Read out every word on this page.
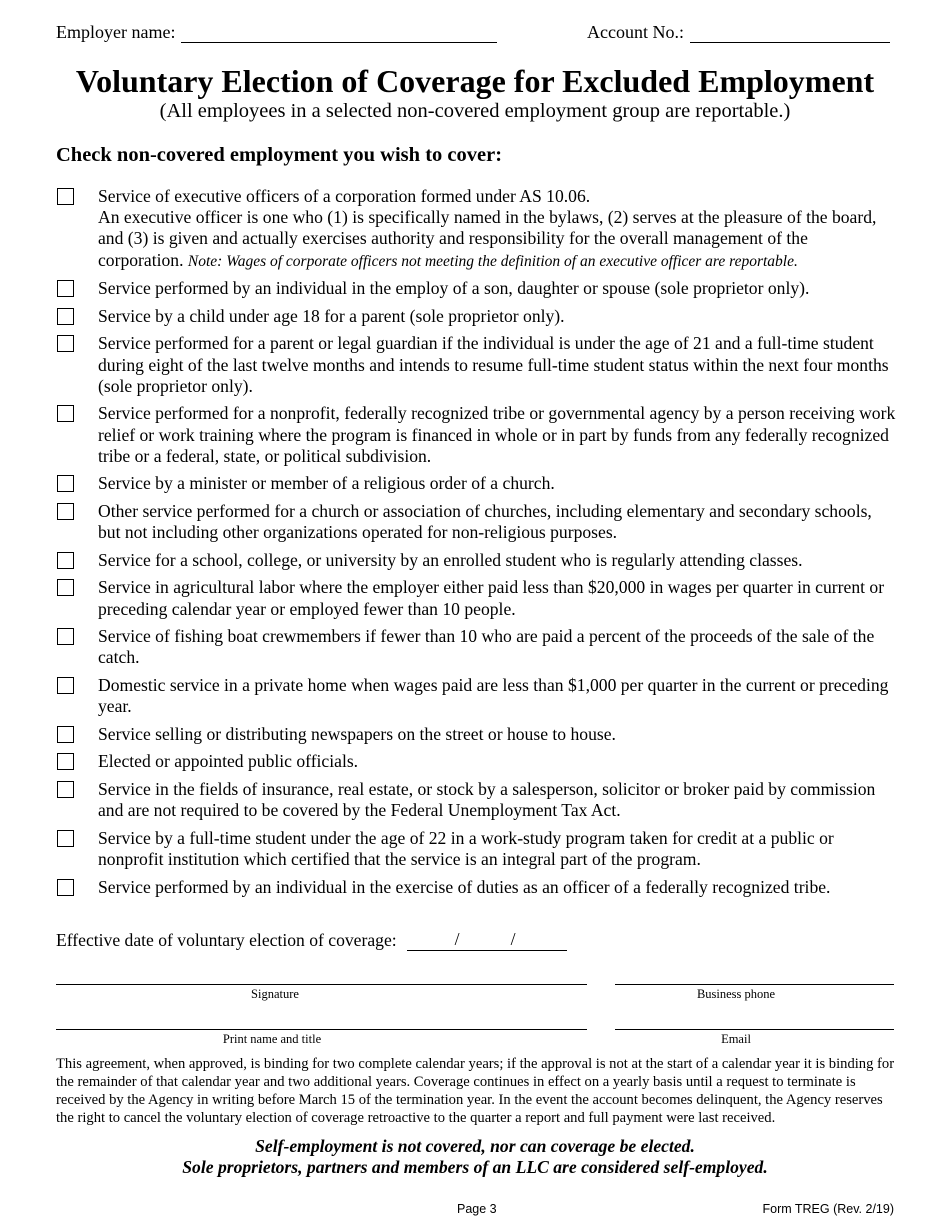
Employer name:	Account No.:
Voluntary Election of Coverage for Excluded Employment
(All employees in a selected non-covered employment group are reportable.)
Check non-covered employment you wish to cover:

Service of executive officers of a corporation formed under AS 10.06.

An executive officer is one who (1) is specifically named in the bylaws, (2) serves at the pleasure of the board, and (3) is given and actually exercises authority and responsibility for the overall management of the corporation. Note: Wages of corporate officers not meeting the definition of an executive officer are reportable.

Service performed by an individual in the employ of a son, daughter or spouse (sole proprietor only).

Service by a child under age 18 for a parent (sole proprietor only).

Service performed for a parent or legal guardian if the individual is under the age of 21 and a full-time student during eight of the last twelve months and intends to resume full-time student status within the next four months (sole proprietor only).

Service performed for a nonprofit, federally recognized tribe or governmental agency by a person receiving work relief or work training where the program is financed in whole or in part by funds from any federally recognized tribe or a federal, state, or political subdivision.

Service by a minister or member of a religious order of a church.

Other service performed for a church or association of churches, including elementary and secondary schools, but not including other organizations operated for non-religious purposes.

Service for a school, college, or university by an enrolled student who is regularly attending classes.

Service in agricultural labor where the employer either paid less than $20,000 in wages per quarter in current or preceding calendar year or employed fewer than 10 people.

Service of fishing boat crewmembers if fewer than 10 who are paid a percent of the proceeds of the sale of the catch.

Domestic service in a private home when wages paid are less than $1,000 per quarter in the current or preceding year.

Service selling or distributing newspapers on the street or house to house.

Elected or appointed public officials.

Service in the fields of insurance, real estate, or stock by a salesperson, solicitor or broker paid by commission and are not required to be covered by the Federal Unemployment Tax Act.

Service by a full-time student under the age of 22 in a work-study program taken for credit at a public or nonprofit institution which certified that the service is an integral part of the program.

Service performed by an individual in the exercise of duties as an officer of a federally recognized tribe.

Effective date of voluntary election of coverage:	/	/
Signature	Business phone
Print name and title	Email
This agreement, when approved, is binding for two complete calendar years; if the approval is not at the start of a calendar year it is binding for the remainder of that calendar year and two additional years. Coverage continues in effect on a yearly basis until a request to terminate is received by the Agency in writing before March 15 of the termination year. In the event the account becomes delinquent, the Agency reserves the right to cancel the voluntary election of coverage retroactive to the quarter a report and full payment were last received.
Self-employment is not covered, nor can coverage be elected.
Sole proprietors, partners and members of an LLC are considered self-employed.
Page 3	Form TREG (Rev. 2/19)
